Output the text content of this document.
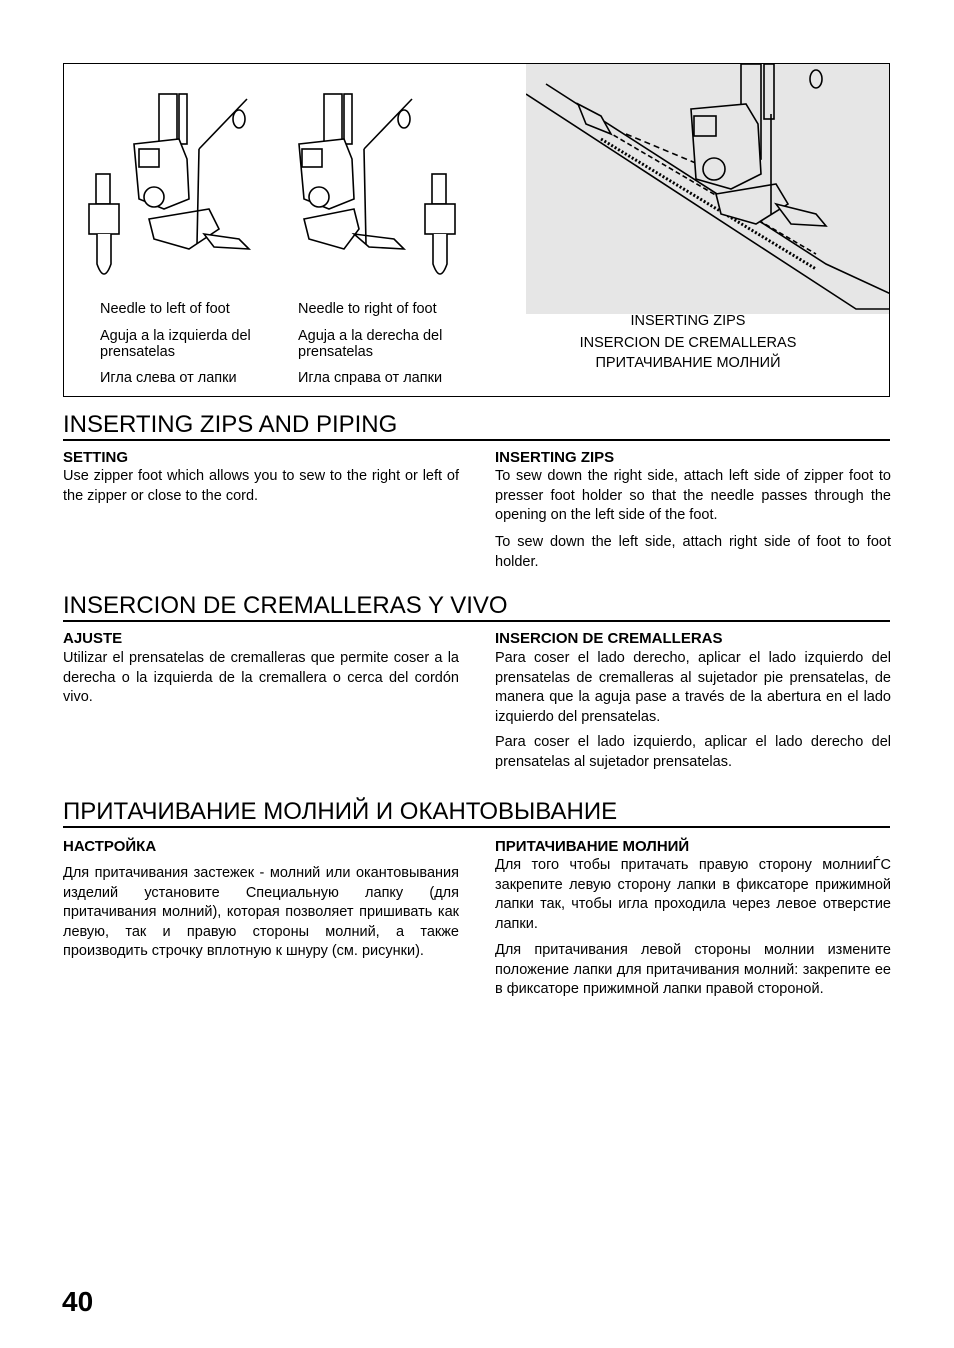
Needle to left of foot
Aguja a la izquierda del prensatelas
Игла слева от лапки
Needle to right of foot
Aguja a la derecha del prensatelas
Игла справа от лапки
INSERTING ZIPS
INSERCION DE CREMALLERAS
ПРИТАЧИВАНИЕ МОЛНИЙ
INSERTING ZIPS AND PIPING
SETTING
Use zipper foot which allows you to sew to the right or left of the zipper or close to the cord.
INSERTING ZIPS
To sew down the right side, attach left side of zipper foot to presser foot holder so that the needle passes through the opening on the left side of the foot.
To sew down the left side, attach right side of foot to foot holder.
INSERCION DE CREMALLERAS Y VIVO
AJUSTE
Utilizar el prensatelas de cremalleras que permite coser a la derecha o la izquierda de la cremallera o cerca del cordón vivo.
INSERCION DE CREMALLERAS
Para coser el lado derecho, aplicar el lado izquierdo del prensatelas de cremalleras al sujetador pie prensatelas, de manera que la aguja pase a través de la abertura en el lado izquierdo del prensatelas.
Para coser el lado izquierdo, aplicar el lado derecho del prensatelas al sujetador prensatelas.
ПРИТАЧИВАНИЕ МОЛНИЙ И ОКАНТОВЫВАНИЕ
НАСТРОЙКА
Для притачивания застежек - молний или окантовывания изделий установите Специальную лапку (для притачивания молний), которая позволяет пришивать как левую, так и правую стороны молний, а также производить строчку вплотную к шнуру (см. рисунки).
ПРИТАЧИВАНИЕ МОЛНИЙ
Для того чтобы притачать правую сторону молнииЃС закрепите левую сторону лапки в фиксаторе прижимной лапки так, чтобы игла проходила через левое отверстие лапки.
Для притачивания левой стороны молнии измените положение лапки для притачивания молний: закрепите ее в фиксаторе прижимной лапки правой стороной.
40
